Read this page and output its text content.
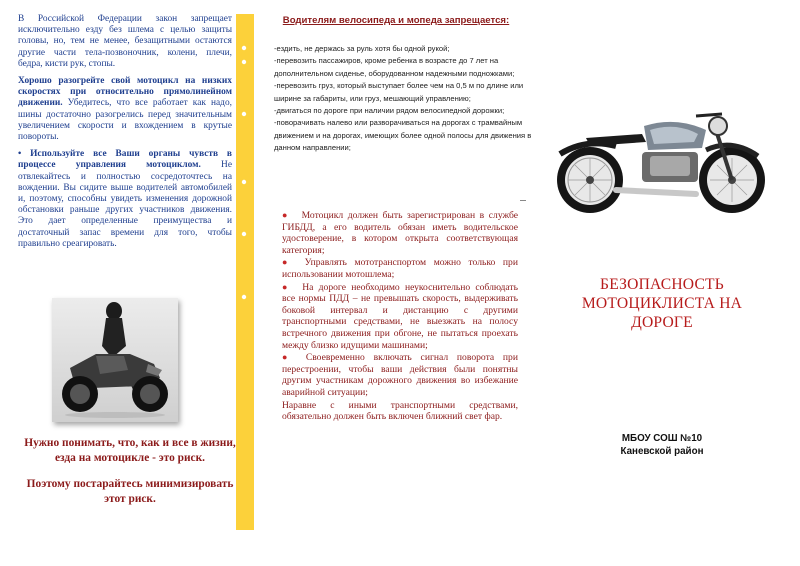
В Российской Федерации закон запрещает исключительно езду без шлема с целью защиты головы, но, тем не менее, безащитными остаются другие части тела-позвоночник, колени, плечи, бедра, кисти рук, стопы.

Хорошо разогрейте свой мотоцикл на низких скоростях при относительно прямолинейном движении. Убедитесь, что все работает как надо, шины достаточно разогрелись перед значительным увеличением скорости и вхождением в крутые повороты.

• Используйте все Ваши органы чувств в процессе управления мотоциклом. Не отвлекайтесь и полностью сосредоточтесь на вождении. Вы сидите выше водителей автомобилей и, поэтому, способны увидеть изменения дорожной обстановки раньше других участников движения. Это дает определенные преимущества и достаточный запас времени для того, чтобы правильно среагировать.

Нужно понимать, что, как и все в жизни, езда на мотоцикле - это риск.

Поэтому постарайтесь минимизировать этот риск.

Водителям велосипеда и мопеда запрещается:
-ездить, не держась за руль хотя бы одной рукой;
-перевозить пассажиров, кроме ребенка в возрасте до 7 лет на дополнительном сиденье, оборудованном надежными подножками;
-перевозить груз, который выступает более чем на 0,5 м по длине или ширине за габариты, или груз, мешающий управлению;
-двигаться по дороге при наличии рядом велосипедной дорожки;
-поворачивать налево или разворачиваться на дорогах с трамвайным движением и на дорогах, имеющих более одной полосы для движения в данном направлении;
● Мотоцикл должен быть зарегистрирован в службе ГИБДД, а его водитель обязан иметь водительское удостоверение, в котором открыта соответствующая категория;
● Управлять мототранспортом можно только при использовании мотошлема;
● На дороге необходимо неукоснительно соблюдать все нормы ПДД – не превышать скорость, выдерживать боковой интервал и дистанцию с другими транспортными средствами, не выезжать на полосу встречного движения при обгоне, не пытаться проехать между близко идущими машинами;
● Своевременно включать сигнал поворота при перестроении, чтобы ваши действия были понятны другим участникам дорожного движения во избежание аварийной ситуации;
Наравне с иными транспортными средствами, обязательно должен быть включен ближний свет фар.
БЕЗОПАСНОСТЬ МОТОЦИКЛИСТА НА ДОРОГЕ
МБОУ СОШ №10
Каневской район
